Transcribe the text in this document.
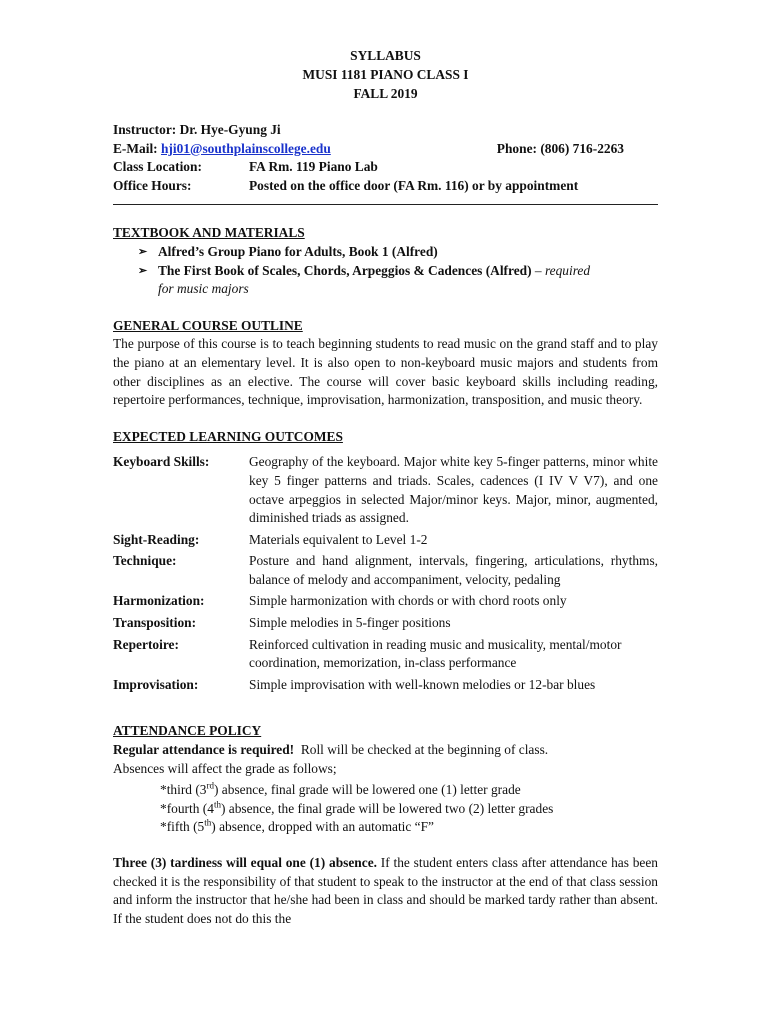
SYLLABUS
MUSI 1181 PIANO CLASS I
FALL 2019
Instructor:
Dr. Hye-Gyung Ji
E-Mail:
hji01@southplainscollege.edu	Phone: (806) 716-2263
Class Location:	FA Rm. 119 Piano Lab
Office Hours:	Posted on the office door (FA Rm. 116) or by appointment
TEXTBOOK AND MATERIALS
➢ Alfred’s Group Piano for Adults, Book 1 (Alfred)
➢ The First Book of Scales, Chords, Arpeggios & Cadences (Alfred) – required
for music majors
GENERAL COURSE OUTLINE
The purpose of this course is to teach beginning students to read music on the grand staff and to play the piano at an elementary level. It is also open to non-keyboard music majors and students from other disciplines as an elective. The course will cover basic keyboard skills including reading, repertoire performances, technique, improvisation, harmonization, transposition, and music theory.
EXPECTED LEARNING OUTCOMES
Keyboard Skills:	Geography of the keyboard. Major white key 5-finger patterns, minor white key 5 finger patterns and triads. Scales, cadences (I IV V V7), and one octave arpeggios in selected Major/minor keys. Major, minor, augmented, diminished triads as assigned.
Sight-Reading:	Materials equivalent to Level 1-2
Technique:	Posture and hand alignment, intervals, fingering, articulations, rhythms, balance of melody and accompaniment, velocity, pedaling
Harmonization:	Simple harmonization with chords or with chord roots only
Transposition:	Simple melodies in 5-finger positions
Repertoire:	Reinforced cultivation in reading music and musicality, mental/motor coordination, memorization, in-class performance
Improvisation:	Simple improvisation with well-known melodies or 12-bar blues
ATTENDANCE POLICY
Regular attendance is required!  Roll will be checked at the beginning of class.
Absences will affect the grade as follows;
*third (3rd) absence, final grade will be lowered one (1) letter grade
*fourth (4th) absence, the final grade will be lowered two (2) letter grades
*fifth (5th) absence, dropped with an automatic “F”
Three (3) tardiness will equal one (1) absence. If the student enters class after attendance has been checked it is the responsibility of that student to speak to the instructor at the end of that class session and inform the instructor that he/she had been in class and should be marked tardy rather than absent. If the student does not do this the
